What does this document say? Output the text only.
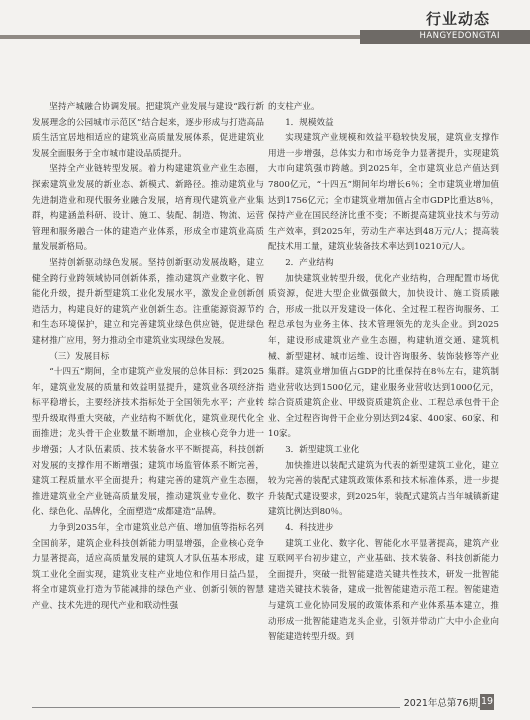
行业动态
HANGYEDONGTAI

坚持产城融合协调发展。把建筑产业发展与建设“践行新发展理念的公园城市示范区”结合起来，逐步形成与打造高品质生活宜居地相适应的建筑业高质量发展体系，促进建筑业发展全面服务于全市城市建设品质提升。

坚持全产业链转型发展。着力构建建筑业产业生态圈，探索建筑业发展的新业态、新模式、新路径。推动建筑业与先进制造业和现代服务业融合发展，培育现代建筑业产业集群，构建涵盖科研、设计、施工、装配、制造、物流、运营管理和服务融合一体的建造产业体系，形成全市建筑业高质量发展新格局。

坚持创新驱动绿色发展。坚持创新驱动发展战略，建立健全跨行业跨领域协同创新体系，推动建筑产业数字化、智能化升级，提升新型建筑工业化发展水平，激发企业创新创造活力，构建良好的建筑产业创新生态。注重能源资源节约和生态环境保护，建立和完善建筑业绿色供应链，促进绿色建材推广应用，努力推动全市建筑业实现绿色发展。

（三）发展目标

“十四五”期间，全市建筑产业发展的总体目标：到2025年，建筑业发展的质量和效益明显提升，建筑业各项经济指标平稳增长，主要经济技术指标处于全国领先水平；产业转型升级取得重大突破，产业结构不断优化，建筑业现代化全面推进；龙头骨干企业数量不断增加，企业核心竞争力进一步增强；人才队伍素质、技术装备水平不断提高，科技创新对发展的支撑作用不断增强；建筑市场监管体系不断完善，建筑工程质量水平全面提升；构建完善的建筑产业生态圈，推进建筑业全产业链高质量发展，推动建筑业专业化、数字化、绿色化、品牌化，全面塑造“成都建造”品牌。

力争到2035年，全市建筑业总产值、增加值等指标名列全国前茅，建筑企业科技创新能力明显增强，企业核心竞争力显著提高，适应高质量发展的建筑人才队伍基本形成，建筑工业化全面实现，建筑业支柱产业地位和作用日益凸显，将全市建筑业打造为节能减排的绿色产业、创新引领的智慧产业、技术先进的现代产业和联动性强

的支柱产业。

1．规模效益

实现建筑产业规模和效益平稳较快发展，建筑业支撑作用进一步增强，总体实力和市场竞争力显著提升，实现建筑大市向建筑强市跨越。到2025年，全市建筑业总产值达到7800亿元，“十四五”期间年均增长6％；全市建筑业增加值达到1756亿元；全市建筑业增加值占全市GDP比重达8％，保持产业在国民经济比重不变；不断提高建筑业技术与劳动生产效率，到2025年，劳动生产率达到48万元/人；提高装配技术用工量，建筑业装备技术率达到10210元/人。

2．产业结构

加快建筑业转型升级，优化产业结构，合理配置市场优质资源，促进大型企业做强做大，加快设计、施工资质融合，形成一批以开发建设一体化、全过程工程咨询服务、工程总承包为业务主体、技术管理领先的龙头企业。到2025年，建设形成建筑业产业生态圈，构建轨道交通、建筑机械、新型建材、城市运维、设计咨询服务、装饰装修等产业集群。建筑业增加值占GDP的比重保持在8％左右，建筑制造业营收达到1500亿元，建业服务业营收达到1000亿元，综合资质建筑企业、甲级资质建筑企业、工程总承包骨干企业、全过程咨询骨干企业分别达到24家、400家、60家、和10家。

3．新型建筑工业化

加快推进以装配式建筑为代表的新型建筑工业化，建立较为完善的装配式建筑政策体系和技术标准体系，进一步提升装配式建设要求，到2025年，装配式建筑占当年城镇新建建筑比例达到80％。

4．科技进步

建筑工业化、数字化、智能化水平显著提高，建筑产业互联网平台初步建立，产业基础、技术装备、科技创新能力全面提升，突破一批智能建造关键共性技术，研发一批智能建造关键技术装备，建成一批智能建造示范工程。智能建造与建筑工业化协同发展的政策体系和产业体系基本建立，推动形成一批智能建造龙头企业，引领并带动广大中小企业向智能建造转型升级。到

2021年总第76期 19
